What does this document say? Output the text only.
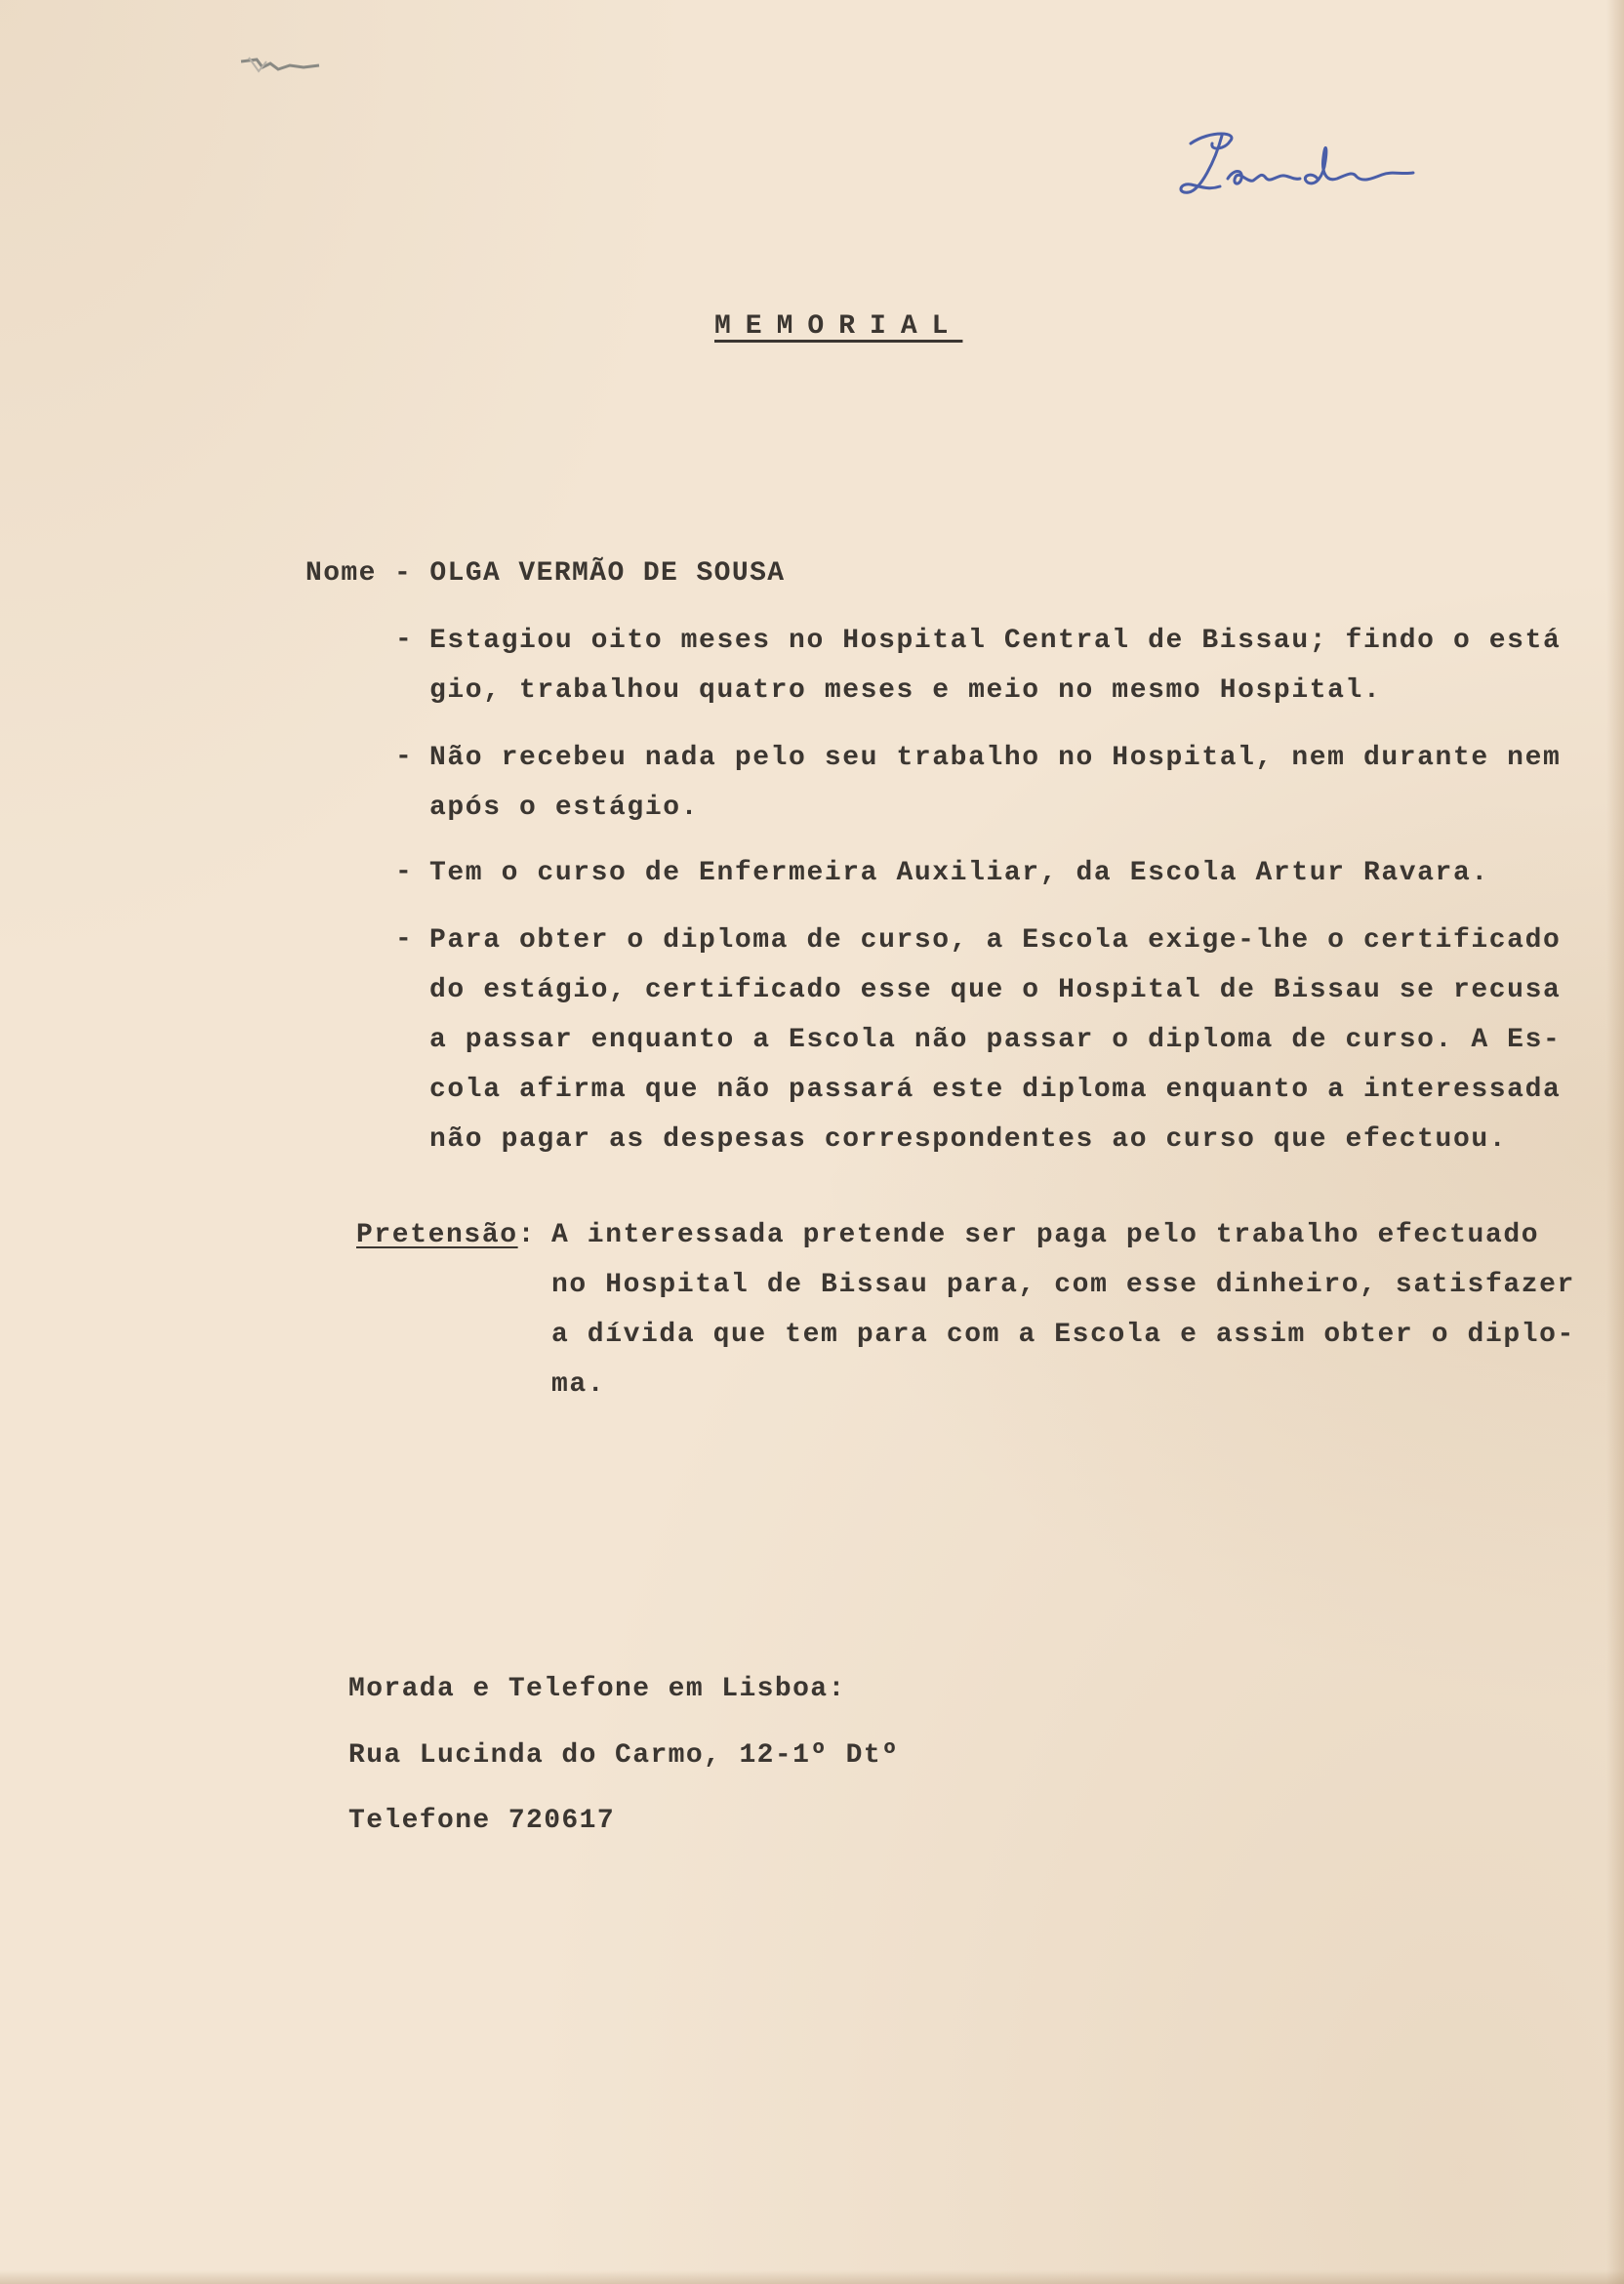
MEMORIAL
Nome - OLGA VERMÃO DE SOUSA
- Estagiou oito meses no Hospital Central de Bissau; findo o está
gio, trabalhou quatro meses e meio no mesmo Hospital.
- Não recebeu nada pelo seu trabalho no Hospital, nem durante nem
após o estágio.
- Tem o curso de Enfermeira Auxiliar, da Escola Artur Ravara.
- Para obter o diploma de curso, a Escola exige-lhe o certificado
do estágio, certificado esse que o Hospital de Bissau se recusa
a passar enquanto a Escola não passar o diploma de curso. A Es-
cola afirma que não passará este diploma enquanto a interessada
não pagar as despesas correspondentes ao curso que efectuou.
Pretensão: A interessada pretende ser paga pelo trabalho efectuado
no Hospital de Bissau para, com esse dinheiro, satisfazer
a dívida que tem para com a Escola e assim obter o diplo-
ma.
Morada e Telefone em Lisboa:
Rua Lucinda do Carmo, 12-1º Dtº
Telefone 720617
